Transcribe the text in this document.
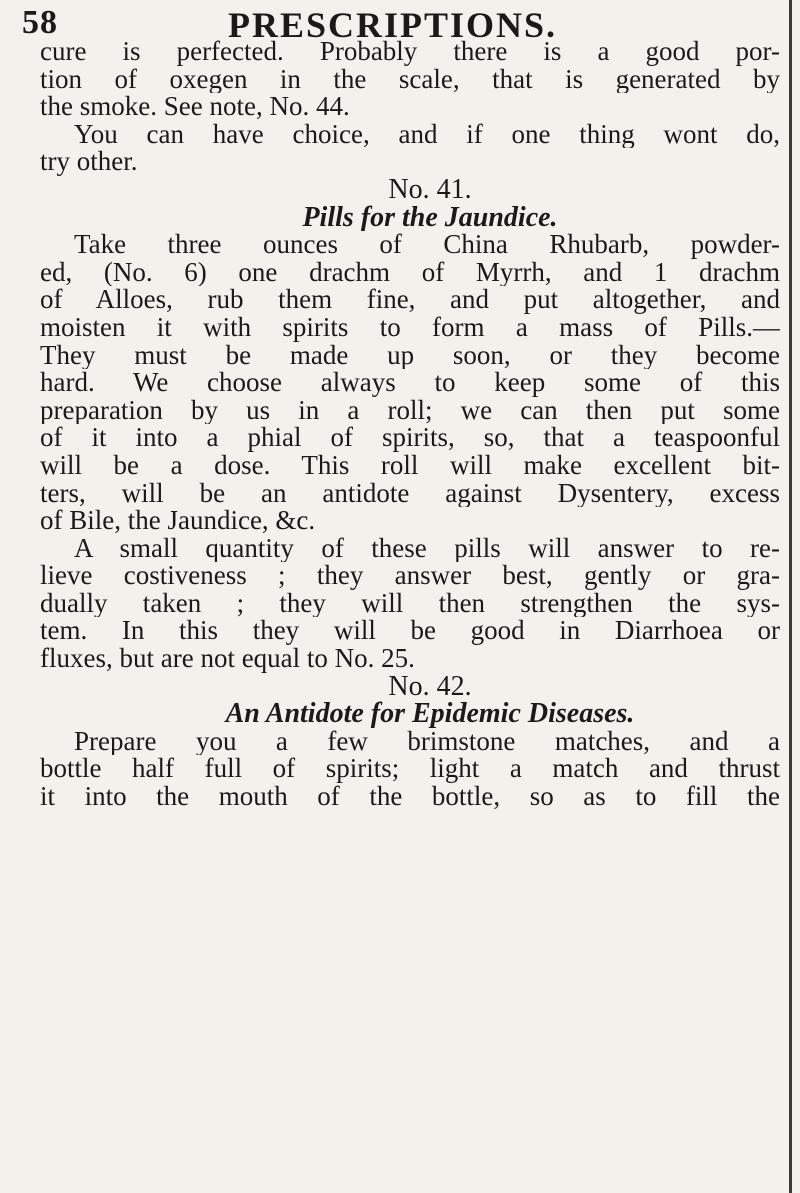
58	PRESCRIPTIONS.
cure is perfected. Probably there is a good por-
tion of oxegen in the scale, that is generated by
the smoke. See note, No. 44.
You can have choice, and if one thing wont do,
try other.
No. 41.
Pills for the Jaundice.
Take three ounces of China Rhubarb, powder-
ed, (No. 6) one drachm of Myrrh, and 1 drachm
of Alloes, rub them fine, and put altogether, and
moisten it with spirits to form a mass of Pills.—
They must be made up soon, or they become
hard. We choose always to keep some of this
preparation by us in a roll; we can then put some
of it into a phial of spirits, so, that a teaspoonful
will be a dose. This roll will make excellent bit-
ters, will be an antidote against Dysentery, excess
of Bile, the Jaundice, &c.
A small quantity of these pills will answer to re-
lieve costiveness ; they answer best, gently or gra-
dually taken ; they will then strengthen the sys-
tem. In this they will be good in Diarrhoea or
fluxes, but are not equal to No. 25.
No. 42.
An Antidote for Epidemic Diseases.
Prepare you a few brimstone matches, and a
bottle half full of spirits; light a match and thrust
it into the mouth of the bottle, so as to fill the
